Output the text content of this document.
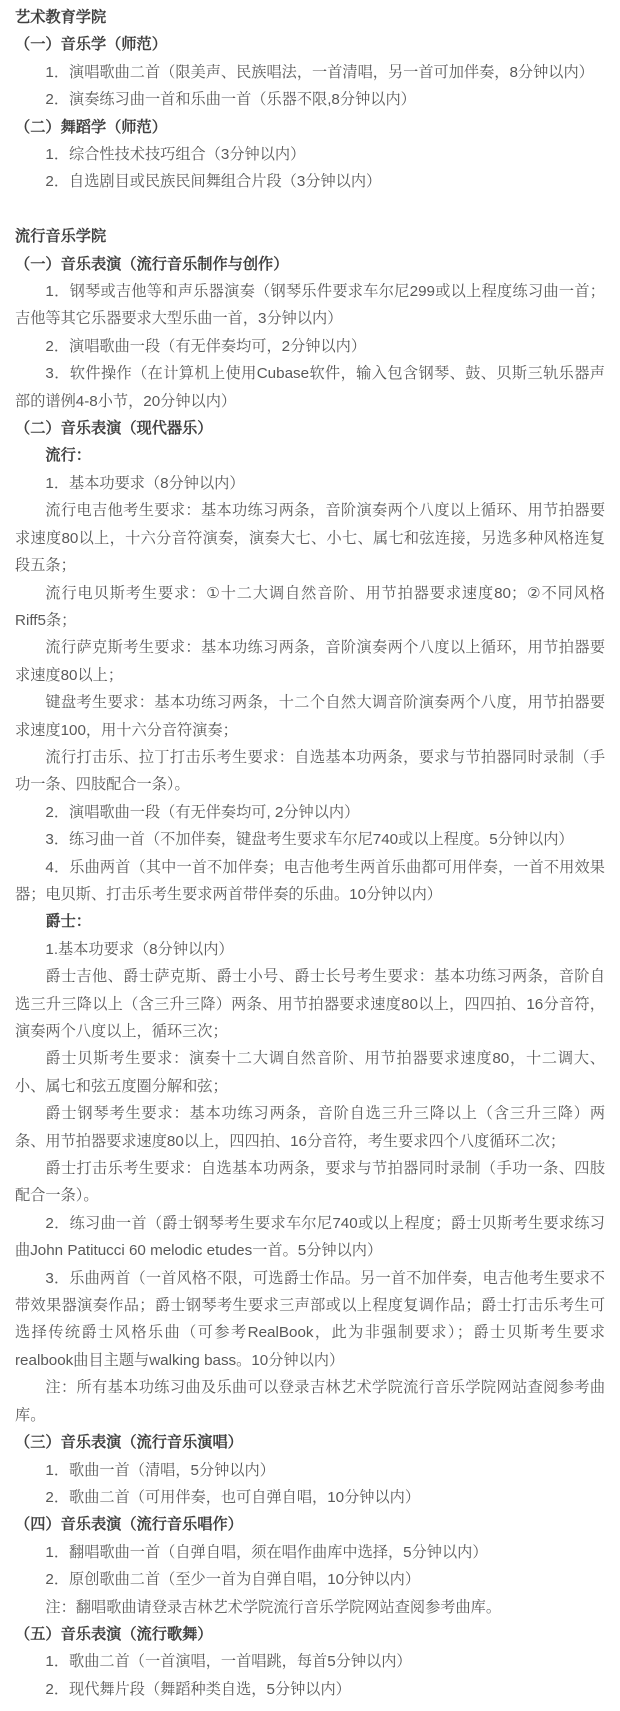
艺术教育学院
（一）音乐学（师范）
1．演唱歌曲二首（限美声、民族唱法，一首清唱，另一首可加伴奏，8分钟以内）
2．演奏练习曲一首和乐曲一首（乐器不限,8分钟以内）
（二）舞蹈学（师范）
1．综合性技术技巧组合（3分钟以内）
2．自选剧目或民族民间舞组合片段（3分钟以内）
流行音乐学院
（一）音乐表演（流行音乐制作与创作）
1．钢琴或吉他等和声乐器演奏（钢琴乐件要求车尔尼299或以上程度练习曲一首；吉他等其它乐器要求大型乐曲一首，3分钟以内）
2．演唱歌曲一段（有无伴奏均可，2分钟以内）
3．软件操作（在计算机上使用Cubase软件，输入包含钢琴、鼓、贝斯三轨乐器声部的谱例4-8小节，20分钟以内）
（二）音乐表演（现代器乐）
流行：
1．基本功要求（8分钟以内）
流行电吉他考生要求：基本功练习两条，音阶演奏两个八度以上循环、用节拍器要求速度80以上，十六分音符演奏，演奏大七、小七、属七和弦连接，另选多种风格连复段五条；
流行电贝斯考生要求：①十二大调自然音阶、用节拍器要求速度80；②不同风格Riff5条；
流行萨克斯考生要求：基本功练习两条，音阶演奏两个八度以上循环，用节拍器要求速度80以上；
键盘考生要求：基本功练习两条，十二个自然大调音阶演奏两个八度，用节拍器要求速度100，用十六分音符演奏；
流行打击乐、拉丁打击乐考生要求：自选基本功两条，要求与节拍器同时录制（手功一条、四肢配合一条）。
2．演唱歌曲一段（有无伴奏均可, 2分钟以内）
3．练习曲一首（不加伴奏，键盘考生要求车尔尼740或以上程度。5分钟以内）
4．乐曲两首（其中一首不加伴奏；电吉他考生两首乐曲都可用伴奏，一首不用效果器；电贝斯、打击乐考生要求两首带伴奏的乐曲。10分钟以内）
爵士：
1.基本功要求（8分钟以内）
爵士吉他、爵士萨克斯、爵士小号、爵士长号考生要求：基本功练习两条，音阶自选三升三降以上（含三升三降）两条、用节拍器要求速度80以上，四四拍、16分音符，演奏两个八度以上，循环三次；
爵士贝斯考生要求：演奏十二大调自然音阶、用节拍器要求速度80，十二调大、小、属七和弦五度圈分解和弦；
爵士钢琴考生要求：基本功练习两条，音阶自选三升三降以上（含三升三降）两条、用节拍器要求速度80以上，四四拍、16分音符，考生要求四个八度循环二次；
爵士打击乐考生要求：自选基本功两条，要求与节拍器同时录制（手功一条、四肢配合一条）。
2．练习曲一首（爵士钢琴考生要求车尔尼740或以上程度；爵士贝斯考生要求练习曲John Patitucci 60 melodic etudes一首。5分钟以内）
3．乐曲两首（一首风格不限，可选爵士作品。另一首不加伴奏，电吉他考生要求不带效果器演奏作品；爵士钢琴考生要求三声部或以上程度复调作品；爵士打击乐考生可选择传统爵士风格乐曲（可参考RealBook，此为非强制要求）；爵士贝斯考生要求realbook曲目主题与walking bass。10分钟以内）
注：所有基本功练习曲及乐曲可以登录吉林艺术学院流行音乐学院网站查阅参考曲库。
（三）音乐表演（流行音乐演唱）
1．歌曲一首（清唱，5分钟以内）
2．歌曲二首（可用伴奏，也可自弹自唱，10分钟以内）
（四）音乐表演（流行音乐唱作）
1．翻唱歌曲一首（自弹自唱，须在唱作曲库中选择，5分钟以内）
2．原创歌曲二首（至少一首为自弹自唱，10分钟以内）
注：翻唱歌曲请登录吉林艺术学院流行音乐学院网站查阅参考曲库。
（五）音乐表演（流行歌舞）
1．歌曲二首（一首演唱，一首唱跳，每首5分钟以内）
2．现代舞片段（舞蹈种类自选，5分钟以内）
